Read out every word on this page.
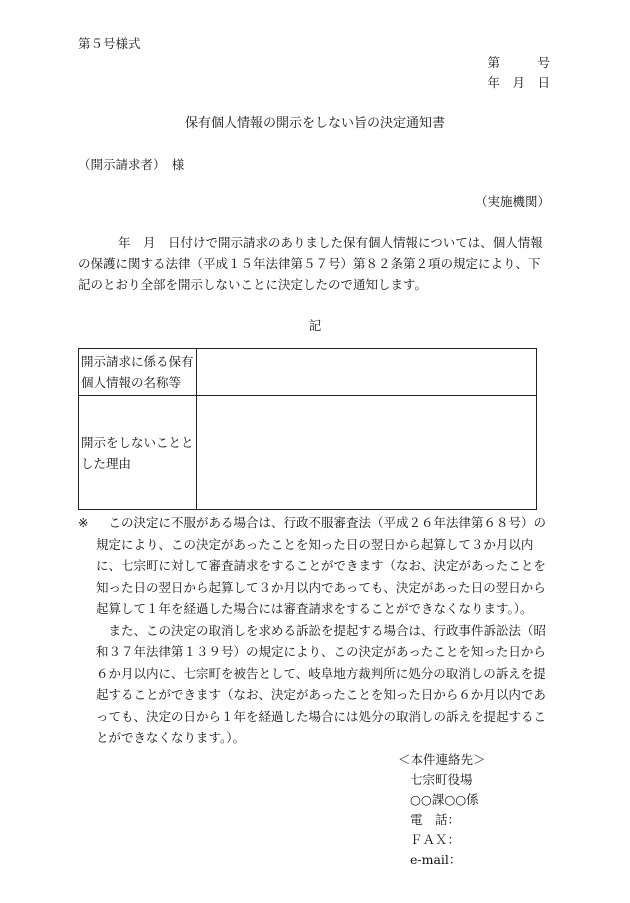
第５号様式
第　　　号
年　月　日
保有個人情報の開示をしない旨の決定通知書
（開示請求者）　様
（実施機関）

年　月　日付けで開示請求のありました保有個人情報については、個人情報の保護に関する法律（平成１５年法律第５７号）第８２条第２項の規定により、下記のとおり全部を開示しないことに決定したので通知します。

記
開示請求に係る保有個人情報の名称等	
開示をしないこととした理由	
※	この決定に不服がある場合は、行政不服審査法（平成２６年法律第６８号）の規定により、この決定があったことを知った日の翌日から起算して３か月以内に、七宗町に対して審査請求をすることができます（なお、決定があったことを知った日の翌日から起算して３か月以内であっても、決定があった日の翌日から起算して１年を経過した場合には審査請求をすることができなくなります。）。

また、この決定の取消しを求める訴訟を提起する場合は、行政事件訴訟法（昭和３７年法律第１３９号）の規定により、この決定があったことを知った日から６か月以内に、七宗町を被告として、岐阜地方裁判所に処分の取消しの訴えを提起することができます（なお、決定があったことを知った日から６か月以内であっても、決定の日から１年を経過した場合には処分の取消しの訴えを提起することができなくなります。）。

＜本件連絡先＞
七宗町役場
○○課○○係
電　話：
ＦＡＸ：
e-mail：
